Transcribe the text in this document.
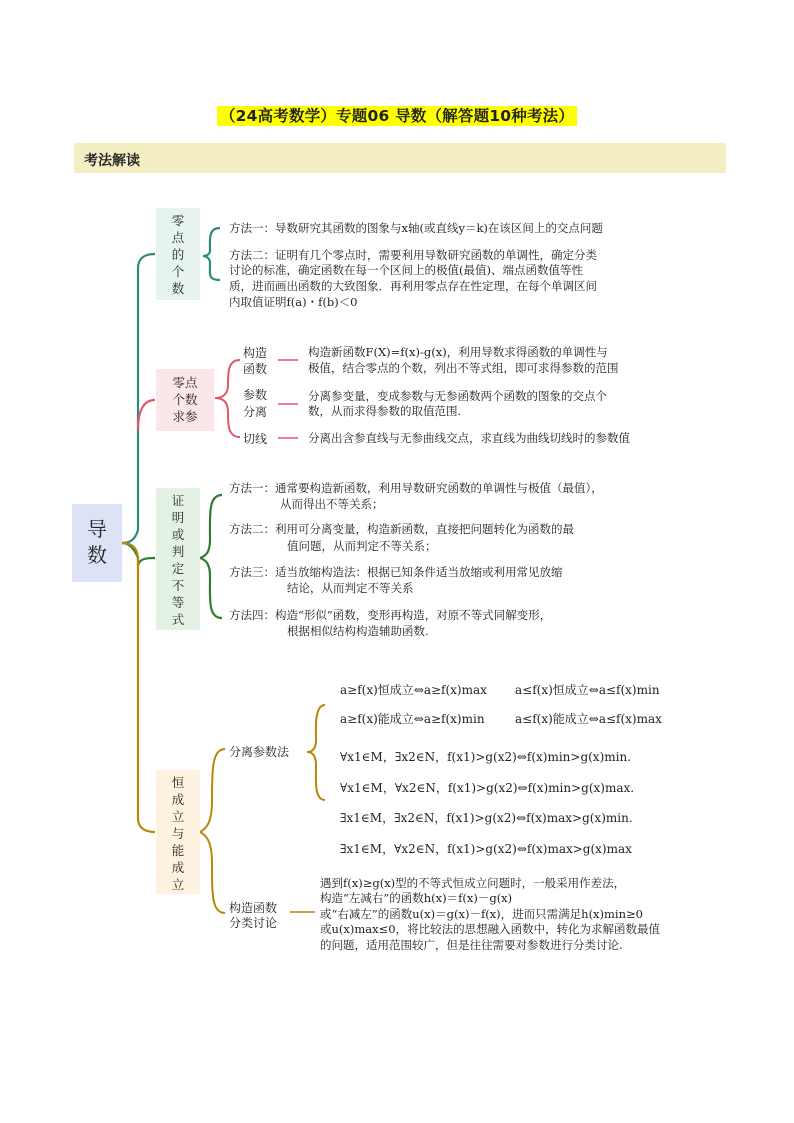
（24高考数学）专题06 导数（解答题10种考法）
考法解读
导数
零
点
的
个
数
方法一：导数研究其函数的图象与x轴(或直线y＝k)在该区间上的交点问题
方法二：证明有几个零点时，需要利用导数研究函数的单调性，确定分类
讨论的标准，确定函数在每一个区间上的极值(最值)、端点函数值等性
质，进而画出函数的大致图象．再利用零点存在性定理，在每个单调区间
内取值证明f(a)・f(b)＜0
零点
个数
求参
构造
函数
构造新函数F(X)=f(x)-g(x)，利用导数求得函数的单调性与
极值，结合零点的个数，列出不等式组，即可求得参数的范围
参数
分离
分离参变量，变成参数与无参函数两个函数的图象的交点个
数，从而求得参数的取值范围.
切线	分离出含参直线与无参曲线交点，求直线为曲线切线时的参数值
证
明
或
判
定
不
等
式
方法一：通常要构造新函数，利用导数研究函数的单调性与极值（最值），
从而得出不等关系；
方法二：利用可分离变量，构造新函数，直接把问题转化为函数的最
值问题，从而判定不等关系；
方法三：适当放缩构造法：根据已知条件适当放缩或利用常见放缩
结论，从而判定不等关系
方法四：构造“形似”函数，变形再构造，对原不等式同解变形，
根据相似结构构造辅助函数.
恒
成
立
与
能
成
立
分离参数法
a≥f(x)恒成立⇔a≥f(x)max a≤f(x)恒成立⇔a≤f(x)min
a≥f(x)能成立⇔a≥f(x)min	a≤f(x)能成立⇔a≤f(x)max
∀x1∈M，∃x2∈N，f(x1)>g(x2)⇔f(x)min>g(x)min.
∀x1∈M，∀x2∈N，f(x1)>g(x2)⇔f(x)min>g(x)max.
∃x1∈M，∃x2∈N，f(x1)>g(x2)⇔f(x)max>g(x)min.
∃x1∈M，∀x2∈N，f(x1)>g(x2)⇔f(x)max>g(x)max
构造函数
分类讨论
遇到f(x)≥g(x)型的不等式恒成立问题时，一般采用作差法，
构造“左减右”的函数h(x)＝f(x)－g(x)
或“右减左”的函数u(x)＝g(x)－f(x)，进而只需满足h(x)min≥0
或u(x)max≤0，将比较法的思想融入函数中，转化为求解函数最值
的问题，适用范围较广，但是往往需要对参数进行分类讨论.
